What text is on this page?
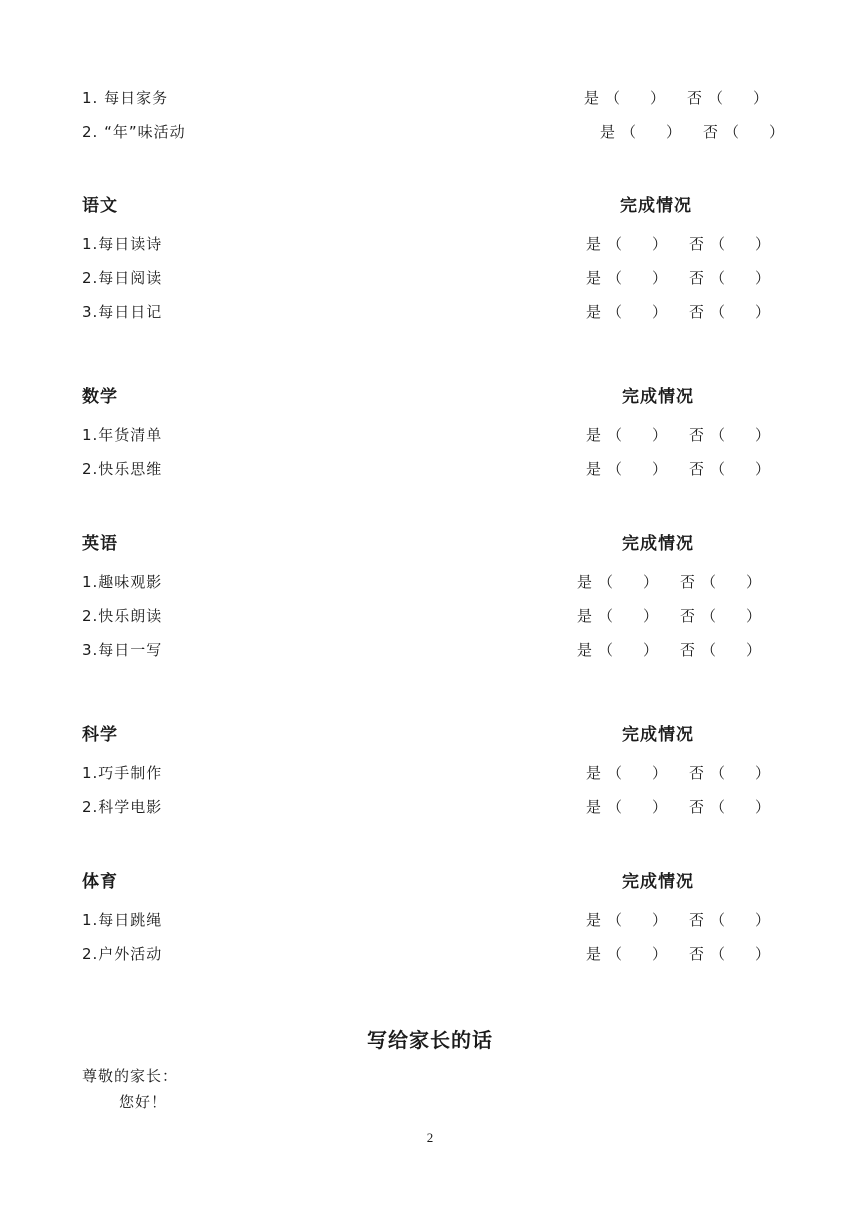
1. 每日家务	是 （　　） 否 （　　）
2. “年”味活动	是 （　　） 否 （　　）
语文	完成情况
1.每日读诗	是 （　　） 否 （　　）
2.每日阅读	是 （　　） 否 （　　）
3.每日日记	是 （　　） 否 （　　）
数学	完成情况
1.年货清单	是 （　　） 否 （　　）
2.快乐思维	是 （　　） 否 （　　）
英语	完成情况
1.趣味观影	是 （　　） 否 （　　）
2.快乐朗读	是 （　　） 否 （　　）
3.每日一写	是 （　　） 否 （　　）
科学	完成情况
1.巧手制作	是 （　　） 否 （　　）
2.科学电影	是 （　　） 否 （　　）
体育	完成情况
1.每日跳绳	是 （　　） 否 （　　）
2.户外活动	是 （　　） 否 （　　）
写给家长的话
尊敬的家长：
您好！
2
